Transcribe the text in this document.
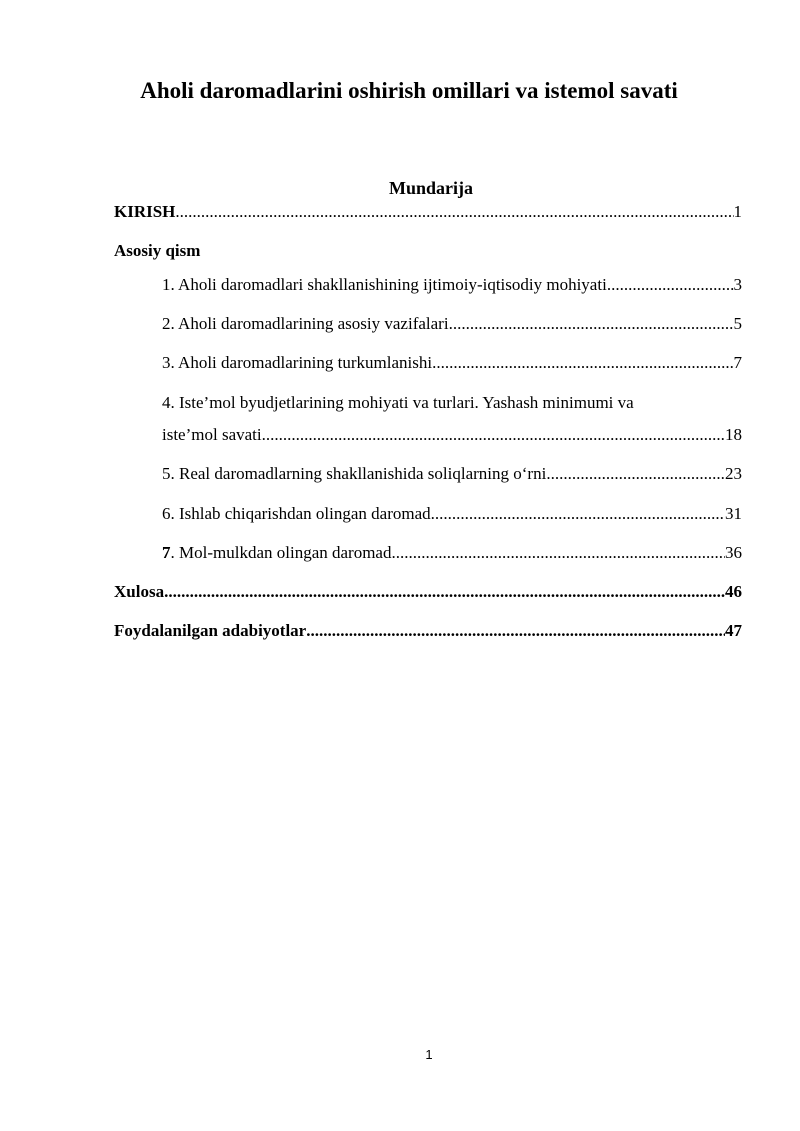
Aholi daromadlarini oshirish omillari va istemol savati
Mundarija
KIRISH .....	1
Asosiy qism
1. Aholi daromadlari shakllanishining ijtimoiy-iqtisodiy mohiyati .....	3
2. Aholi daromadlarining asosiy vazifalari .....	5
3. Aholi daromadlarining turkumlanishi .....	7
4. Iste’mol byudjetlarining mohiyati va turlari. Yashash minimumi va
iste’mol savati .....	18
5. Real daromadlarning shakllanishida soliqlarning o‘rni .....	23
6. Ishlab chiqarishdan olingan daromad .....	31
7 . Mol-mulkdan olingan daromad .....	36
Xulosa .....	46
Foydalanilgan adabiyotlar .....	47
1
